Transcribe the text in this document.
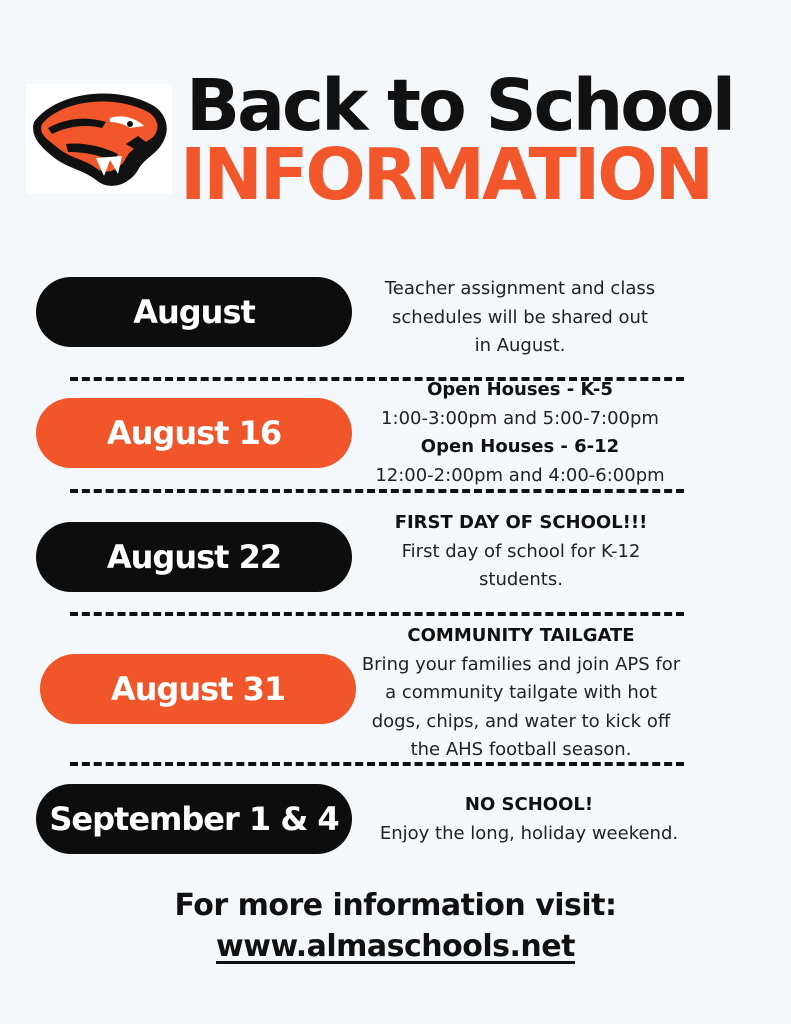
Back to School
INFORMATION
August
Teacher assignment and class
schedules will be shared out
in August.
August 16
Open Houses - K-5
1:00-3:00pm and 5:00-7:00pm
Open Houses - 6-12
12:00-2:00pm and 4:00-6:00pm
August 22
FIRST DAY OF SCHOOL!!!
First day of school for K-12
students.
August 31
COMMUNITY TAILGATE
Bring your families and join APS for
a community tailgate with hot
dogs, chips, and water to kick off
the AHS football season.
September 1 & 4	NO SCHOOL!
Enjoy the long, holiday weekend.
For more information visit:
www.almaschools.net
